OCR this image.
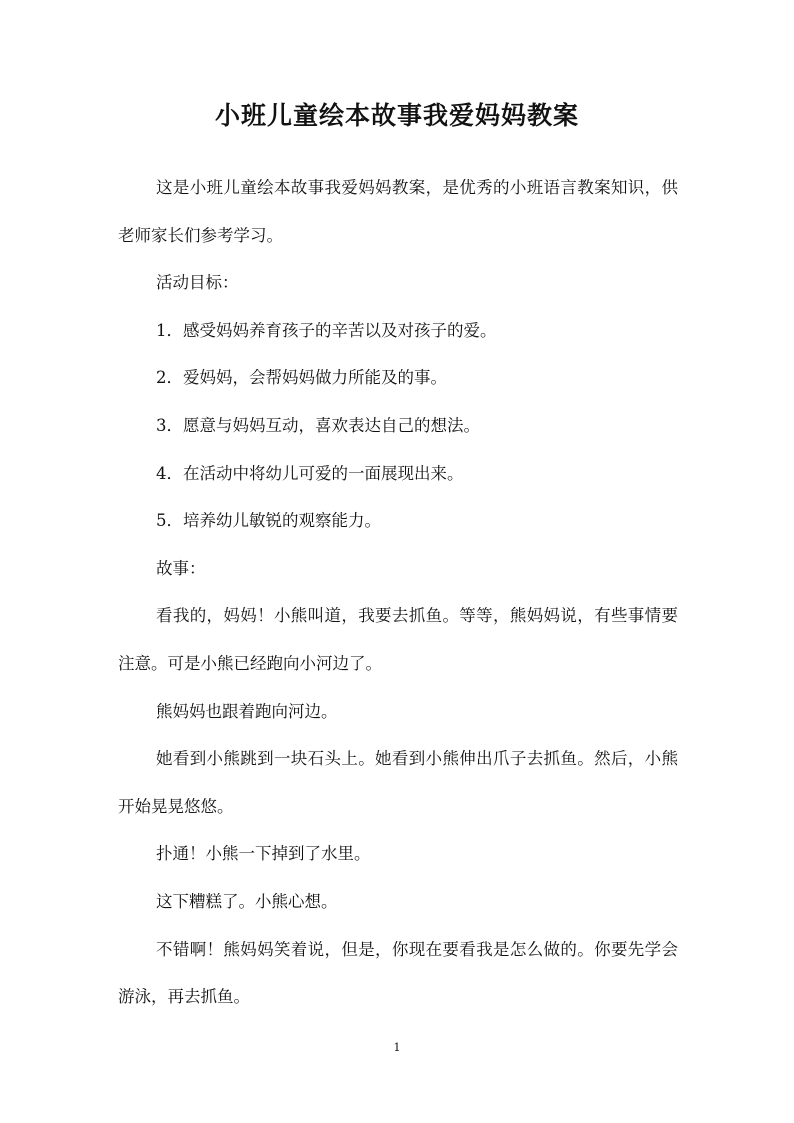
小班儿童绘本故事我爱妈妈教案

这是小班儿童绘本故事我爱妈妈教案，是优秀的小班语言教案知识，供老师家长们参考学习。

活动目标：

1．感受妈妈养育孩子的辛苦以及对孩子的爱。

2．爱妈妈，会帮妈妈做力所能及的事。

3．愿意与妈妈互动，喜欢表达自己的想法。

4．在活动中将幼儿可爱的一面展现出来。

5．培养幼儿敏锐的观察能力。

故事：

看我的，妈妈！小熊叫道，我要去抓鱼。等等，熊妈妈说，有些事情要注意。可是小熊已经跑向小河边了。

熊妈妈也跟着跑向河边。

她看到小熊跳到一块石头上。她看到小熊伸出爪子去抓鱼。然后，小熊开始晃晃悠悠。

扑通！小熊一下掉到了水里。

这下糟糕了。小熊心想。

不错啊！熊妈妈笑着说，但是，你现在要看我是怎么做的。你要先学会游泳，再去抓鱼。

1
